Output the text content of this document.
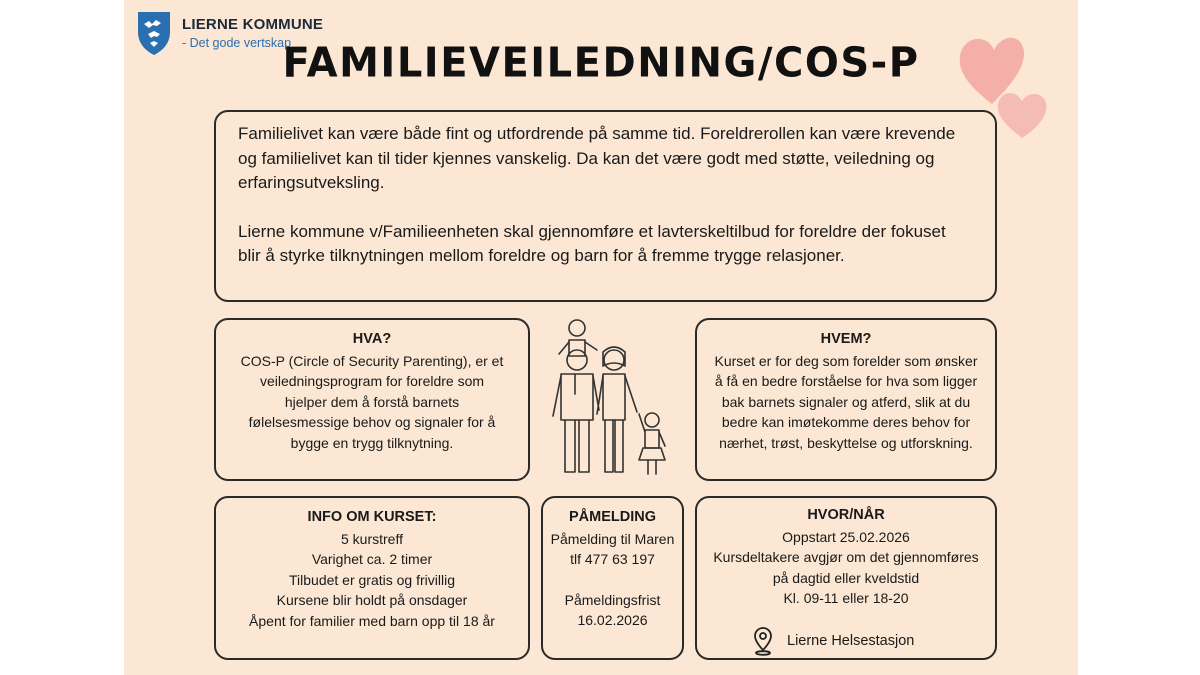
LIERNE KOMMUNE
- Det gode vertskap
FAMILIEVEILEDNING/COS-P

Familielivet kan være både fint og utfordrende på samme tid. Foreldrerollen kan være krevende og familielivet kan til tider kjennes vanskelig. Da kan det være godt med støtte, veiledning og erfaringsutveksling.

Lierne kommune v/Familieenheten skal gjennomføre et lavterskeltilbud for foreldre der fokuset blir å styrke tilknytningen mellom foreldre og barn for å fremme trygge relasjoner.

HVA?
COS-P (Circle of Security Parenting), er et veiledningsprogram for foreldre som hjelper dem å forstå barnets følelsesmessige behov og signaler for å bygge en trygg tilknytning.
HVEM?
Kurset er for deg som forelder som ønsker å få en bedre forståelse for hva som ligger bak barnets signaler og atferd, slik at du bedre kan imøtekomme deres behov for nærhet, trøst, beskyttelse og utforskning.
INFO OM KURSET:
5 kurstreff
Varighet ca. 2 timer
Tilbudet er gratis og frivillig
Kursene blir holdt på onsdager
Åpent for familier med barn opp til 18 år
PÅMELDING
Påmelding til Maren
tlf 477 63 197
Påmeldingsfrist
16.02.2026
HVOR/NÅR
Oppstart 25.02.2026
Kursdeltakere avgjør om det gjennomføres
på dagtid eller kveldstid
Kl. 09-11 eller 18-20
Lierne Helsestasjon
